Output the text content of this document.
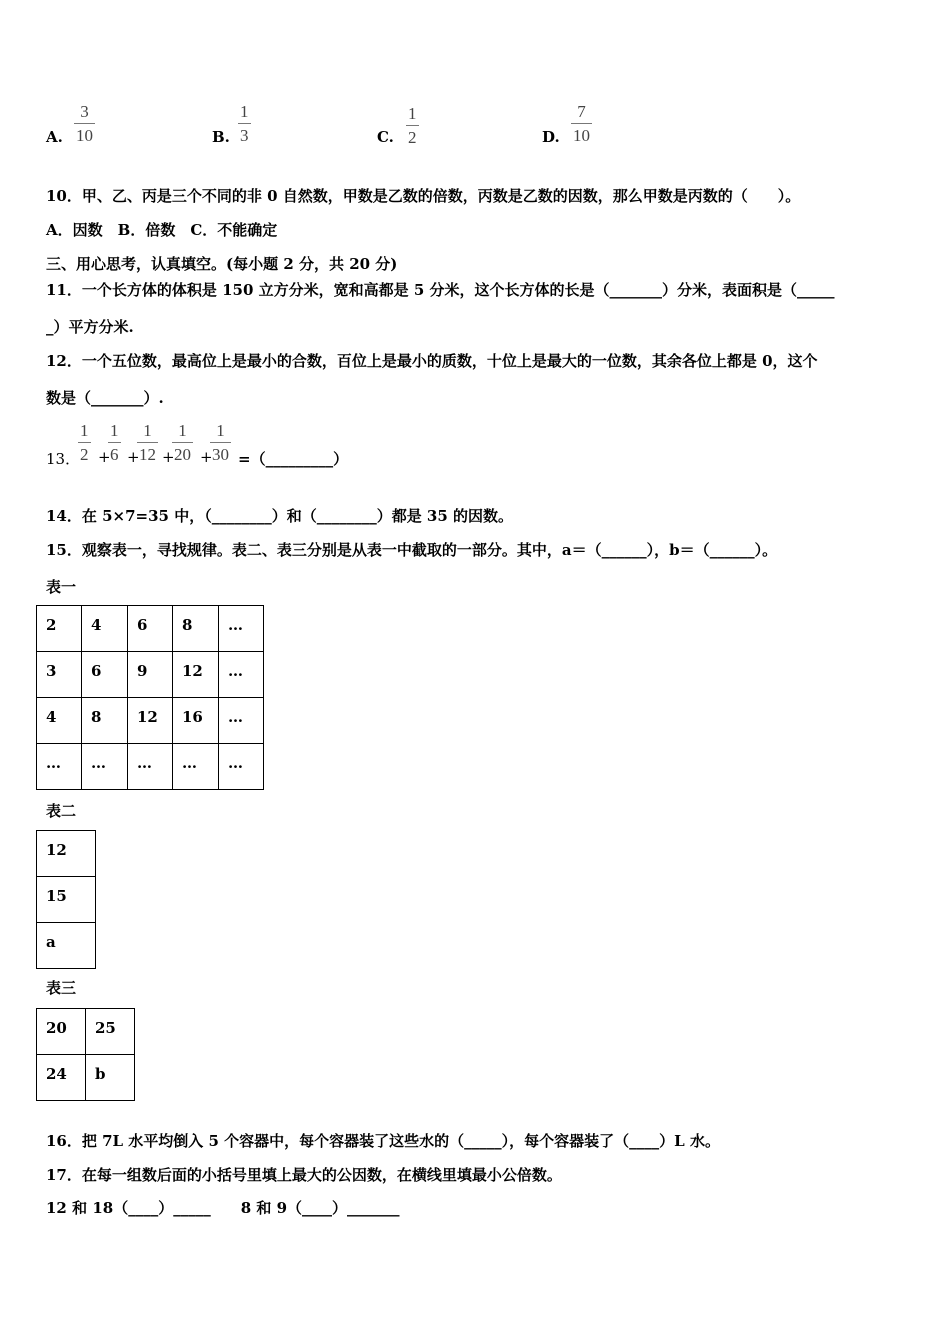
A.
3
10	B.
1
3	C.
1
2	D.
7
10
10．甲、乙、丙是三个不同的非 0 自然数，甲数是乙数的倍数，丙数是乙数的因数，那么甲数是丙数的（　　）。
A．因数　B．倍数　C．不能确定
三、用心思考，认真填空。(每小题 2 分，共 20 分)
11．一个长方体的体积是 150 立方分米，宽和高都是 5 分米，这个长方体的长是（_______）分米，表面积是（_____
_）平方分米.
12．一个五位数，最高位上是最小的合数，百位上是最小的质数，十位上是最大的一位数，其余各位上都是 0，这个
数是（_______）.
13．
1
2 +
1
6 +
1
12 +
1
20 +
1
30 =（_________）
14．在 5×7=35 中，（________）和（________）都是 35 的因数。
15．观察表一，寻找规律。表二、表三分别是从表一中截取的一部分。其中，a＝（______），b＝（______）。
表一
2	4	6	8	…
3	6	9	12	…
4	8	12	16	…
…	…	…	…	…
表二
12
15
a
表三
20	25
24	b
16．把 7L 水平均倒入 5 个容器中，每个容器装了这些水的（_____），每个容器装了（____）L 水。
17．在每一组数后面的小括号里填上最大的公因数，在横线里填最小公倍数。
12 和 18（____）_____　　8 和 9（____）_______
